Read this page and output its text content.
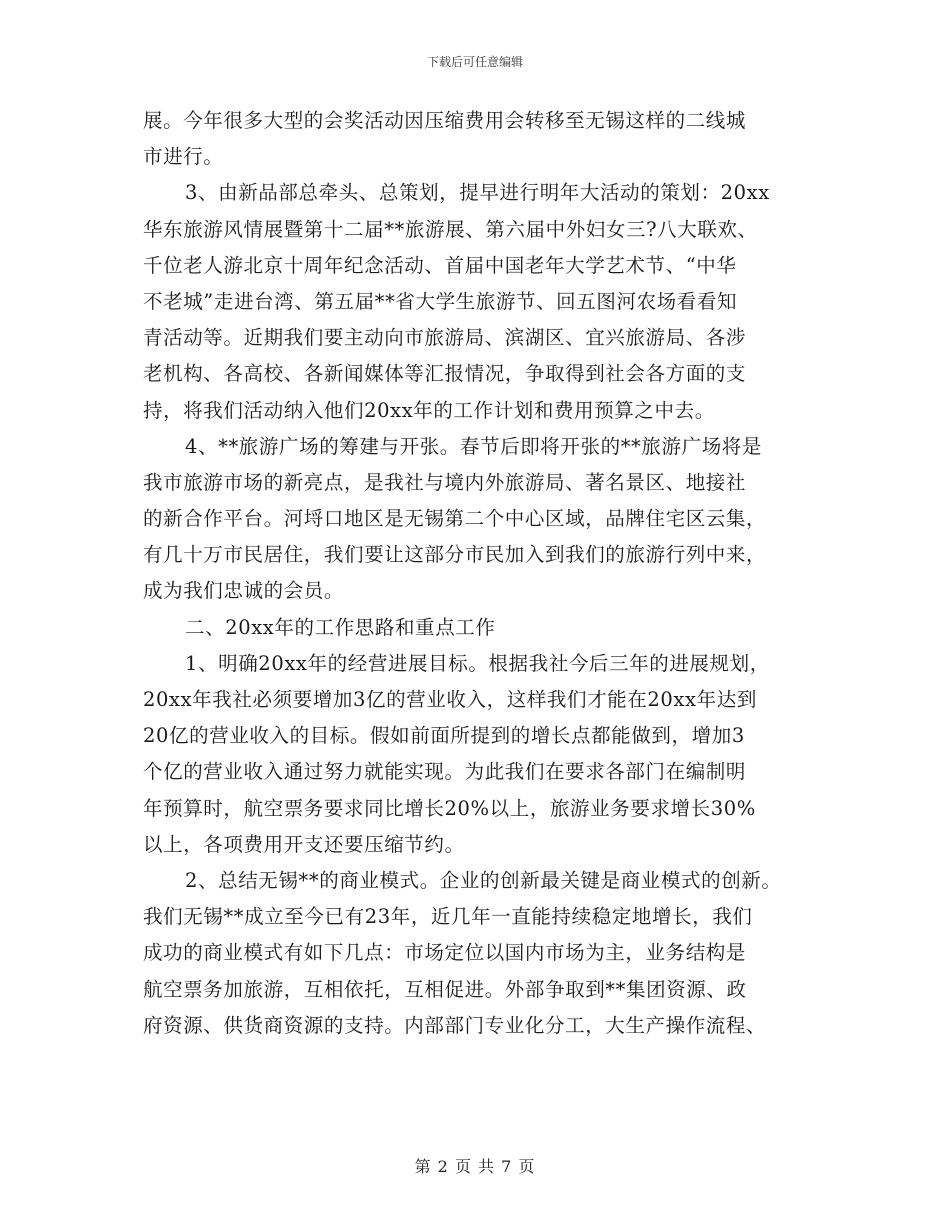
下载后可任意编辑
展。今年很多大型的会奖活动因压缩费用会转移至无锡这样的二线城
市进行。
3、由新品部总牵头、总策划，提早进行明年大活动的策划：20xx
华东旅游风情展暨第十二届**旅游展、第六届中外妇女三?八大联欢、
千位老人游北京十周年纪念活动、首届中国老年大学艺术节、“中华
不老城”走进台湾、第五届**省大学生旅游节、回五图河农场看看知
青活动等。近期我们要主动向市旅游局、滨湖区、宜兴旅游局、各涉
老机构、各高校、各新闻媒体等汇报情况，争取得到社会各方面的支
持，将我们活动纳入他们20xx年的工作计划和费用预算之中去。
4、**旅游广场的筹建与开张。春节后即将开张的**旅游广场将是
我市旅游市场的新亮点，是我社与境内外旅游局、著名景区、地接社
的新合作平台。河埒口地区是无锡第二个中心区域，品牌住宅区云集，
有几十万市民居住，我们要让这部分市民加入到我们的旅游行列中来，
成为我们忠诚的会员。
二、20xx年的工作思路和重点工作
1、明确20xx年的经营进展目标。根据我社今后三年的进展规划，
20xx年我社必须要增加3亿的营业收入，这样我们才能在20xx年达到
20亿的营业收入的目标。假如前面所提到的增长点都能做到，增加3
个亿的营业收入通过努力就能实现。为此我们在要求各部门在编制明
年预算时，航空票务要求同比增长20%以上，旅游业务要求增长30%
以上，各项费用开支还要压缩节约。
2、总结无锡**的商业模式。企业的创新最关键是商业模式的创新。
我们无锡**成立至今已有23年，近几年一直能持续稳定地增长，我们
成功的商业模式有如下几点：市场定位以国内市场为主，业务结构是
航空票务加旅游，互相依托，互相促进。外部争取到**集团资源、政
府资源、供货商资源的支持。内部部门专业化分工，大生产操作流程、
第 2 页 共 7 页
